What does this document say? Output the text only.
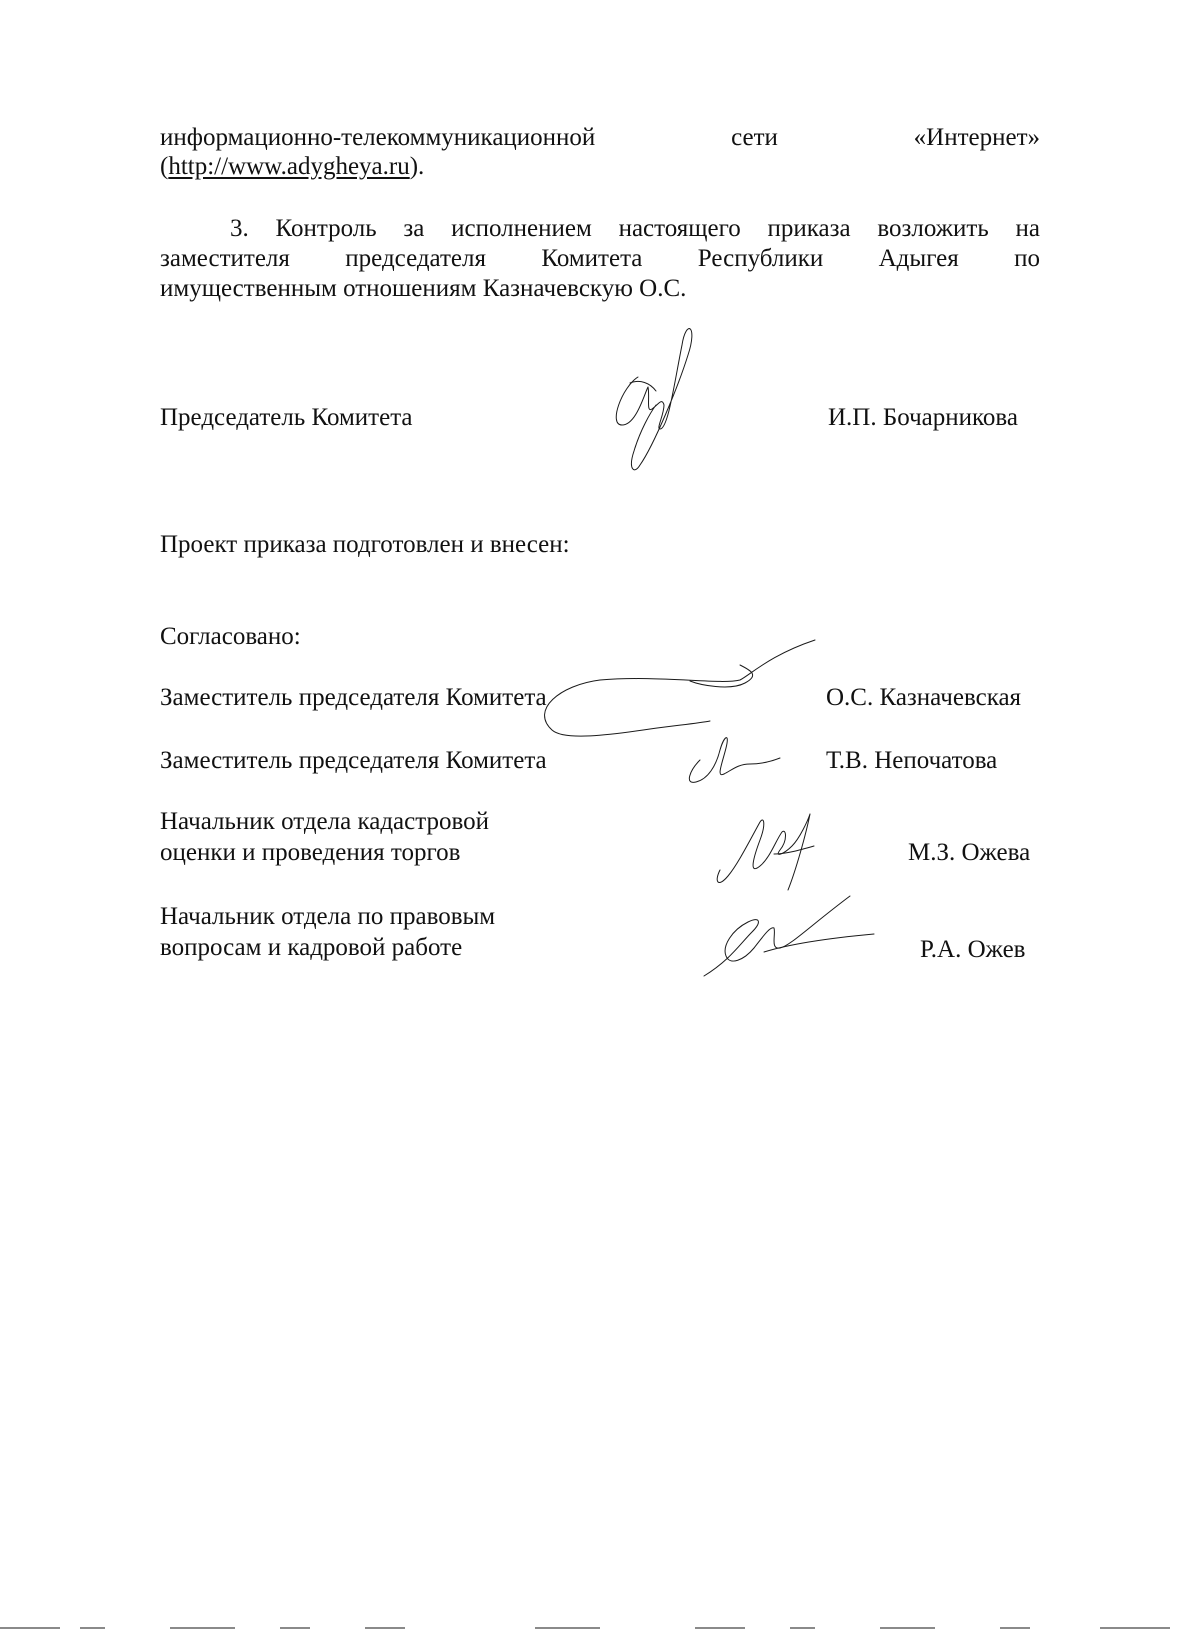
информационно-телекоммуникационной	сети	«Интернет»
(http://www.adygheya.ru).
3. Контроль за исполнением настоящего приказа возложить на
заместителя председателя Комитета Республики Адыгея по
имущественным отношениям Казначевскую О.С.
Председатель Комитета	И.П. Бочарникова
Проект приказа подготовлен и внесен:
Согласовано:
Заместитель председателя Комитета	О.С. Казначевская
Заместитель председателя Комитета	Т.В. Непочатова
Начальник отдела кадастровой
оценки и проведения торгов	М.З. Ожева
Начальник отдела по правовым
вопросам и кадровой работе	Р.А. Ожев
